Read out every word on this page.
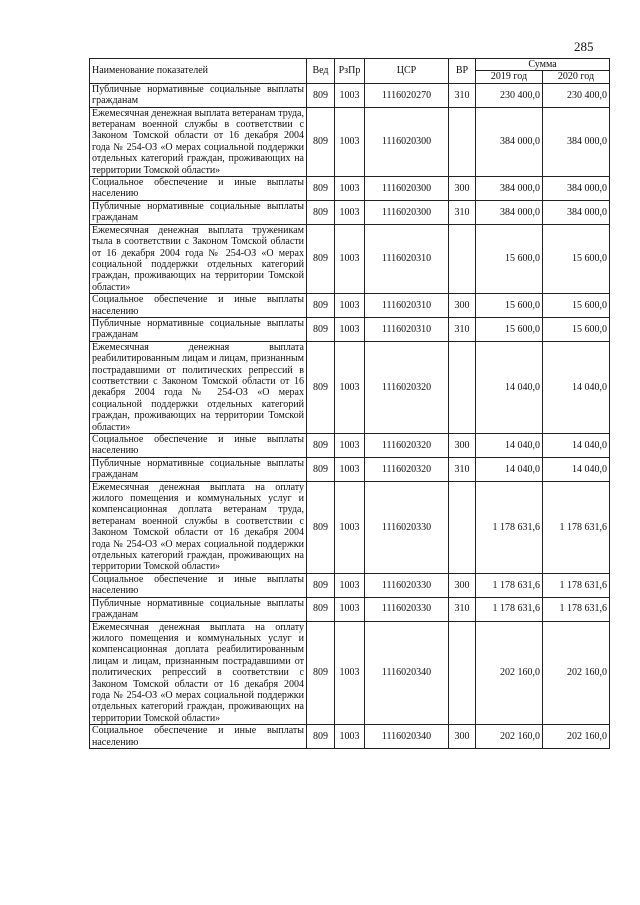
285
Наименование показателей	Вед	РзПр	ЦСР	ВР	Сумма	
					2019 год	2020 год
Публичные нормативные социальные выплаты гражданам	809	1003	1116020270	310	230 400,0	230 400,0
Ежемесячная денежная выплата ветеранам труда, ветеранам военной службы в соответствии с Законом Томской области от 16 декабря 2004 года № 254-ОЗ «О мерах социальной поддержки отдельных категорий граждан, проживающих на территории Томской области»	809	1003	1116020300		384 000,0	384 000,0
Социальное обеспечение и иные выплаты населению	809	1003	1116020300	300	384 000,0	384 000,0
Публичные нормативные социальные выплаты гражданам	809	1003	1116020300	310	384 000,0	384 000,0
Ежемесячная денежная выплата труженикам тыла в соответствии с Законом Томской области от 16 декабря 2004 года № 254-ОЗ «О мерах социальной поддержки отдельных категорий граждан, проживающих на территории Томской области»	809	1003	1116020310		15 600,0	15 600,0
Социальное обеспечение и иные выплаты населению	809	1003	1116020310	300	15 600,0	15 600,0
Публичные нормативные социальные выплаты гражданам	809	1003	1116020310	310	15 600,0	15 600,0
Ежемесячная денежная выплата реабилитированным лицам и лицам, признанным пострадавшими от политических репрессий в соответствии с Законом Томской области от 16 декабря 2004 года № 254-ОЗ «О мерах социальной поддержки отдельных категорий граждан, проживающих на территории Томской области»	809	1003	1116020320		14 040,0	14 040,0
Социальное обеспечение и иные выплаты населению	809	1003	1116020320	300	14 040,0	14 040,0
Публичные нормативные социальные выплаты гражданам	809	1003	1116020320	310	14 040,0	14 040,0
Ежемесячная денежная выплата на оплату жилого помещения и коммунальных услуг и компенсационная доплата ветеранам труда, ветеранам военной службы в соответствии с Законом Томской области от 16 декабря 2004 года № 254-ОЗ «О мерах социальной поддержки отдельных категорий граждан, проживающих на территории Томской области»	809	1003	1116020330		1 178 631,6	1 178 631,6
Социальное обеспечение и иные выплаты населению	809	1003	1116020330	300	1 178 631,6	1 178 631,6
Публичные нормативные социальные выплаты гражданам	809	1003	1116020330	310	1 178 631,6	1 178 631,6
Ежемесячная денежная выплата на оплату жилого помещения и коммунальных услуг и компенсационная доплата реабилитированным лицам и лицам, признанным пострадавшими от политических репрессий в соответствии с Законом Томской области от 16 декабря 2004 года № 254-ОЗ «О мерах социальной поддержки отдельных категорий граждан, проживающих на территории Томской области»	809	1003	1116020340		202 160,0	202 160,0
Социальное обеспечение и иные выплаты населению	809	1003	1116020340	300	202 160,0	202 160,0
